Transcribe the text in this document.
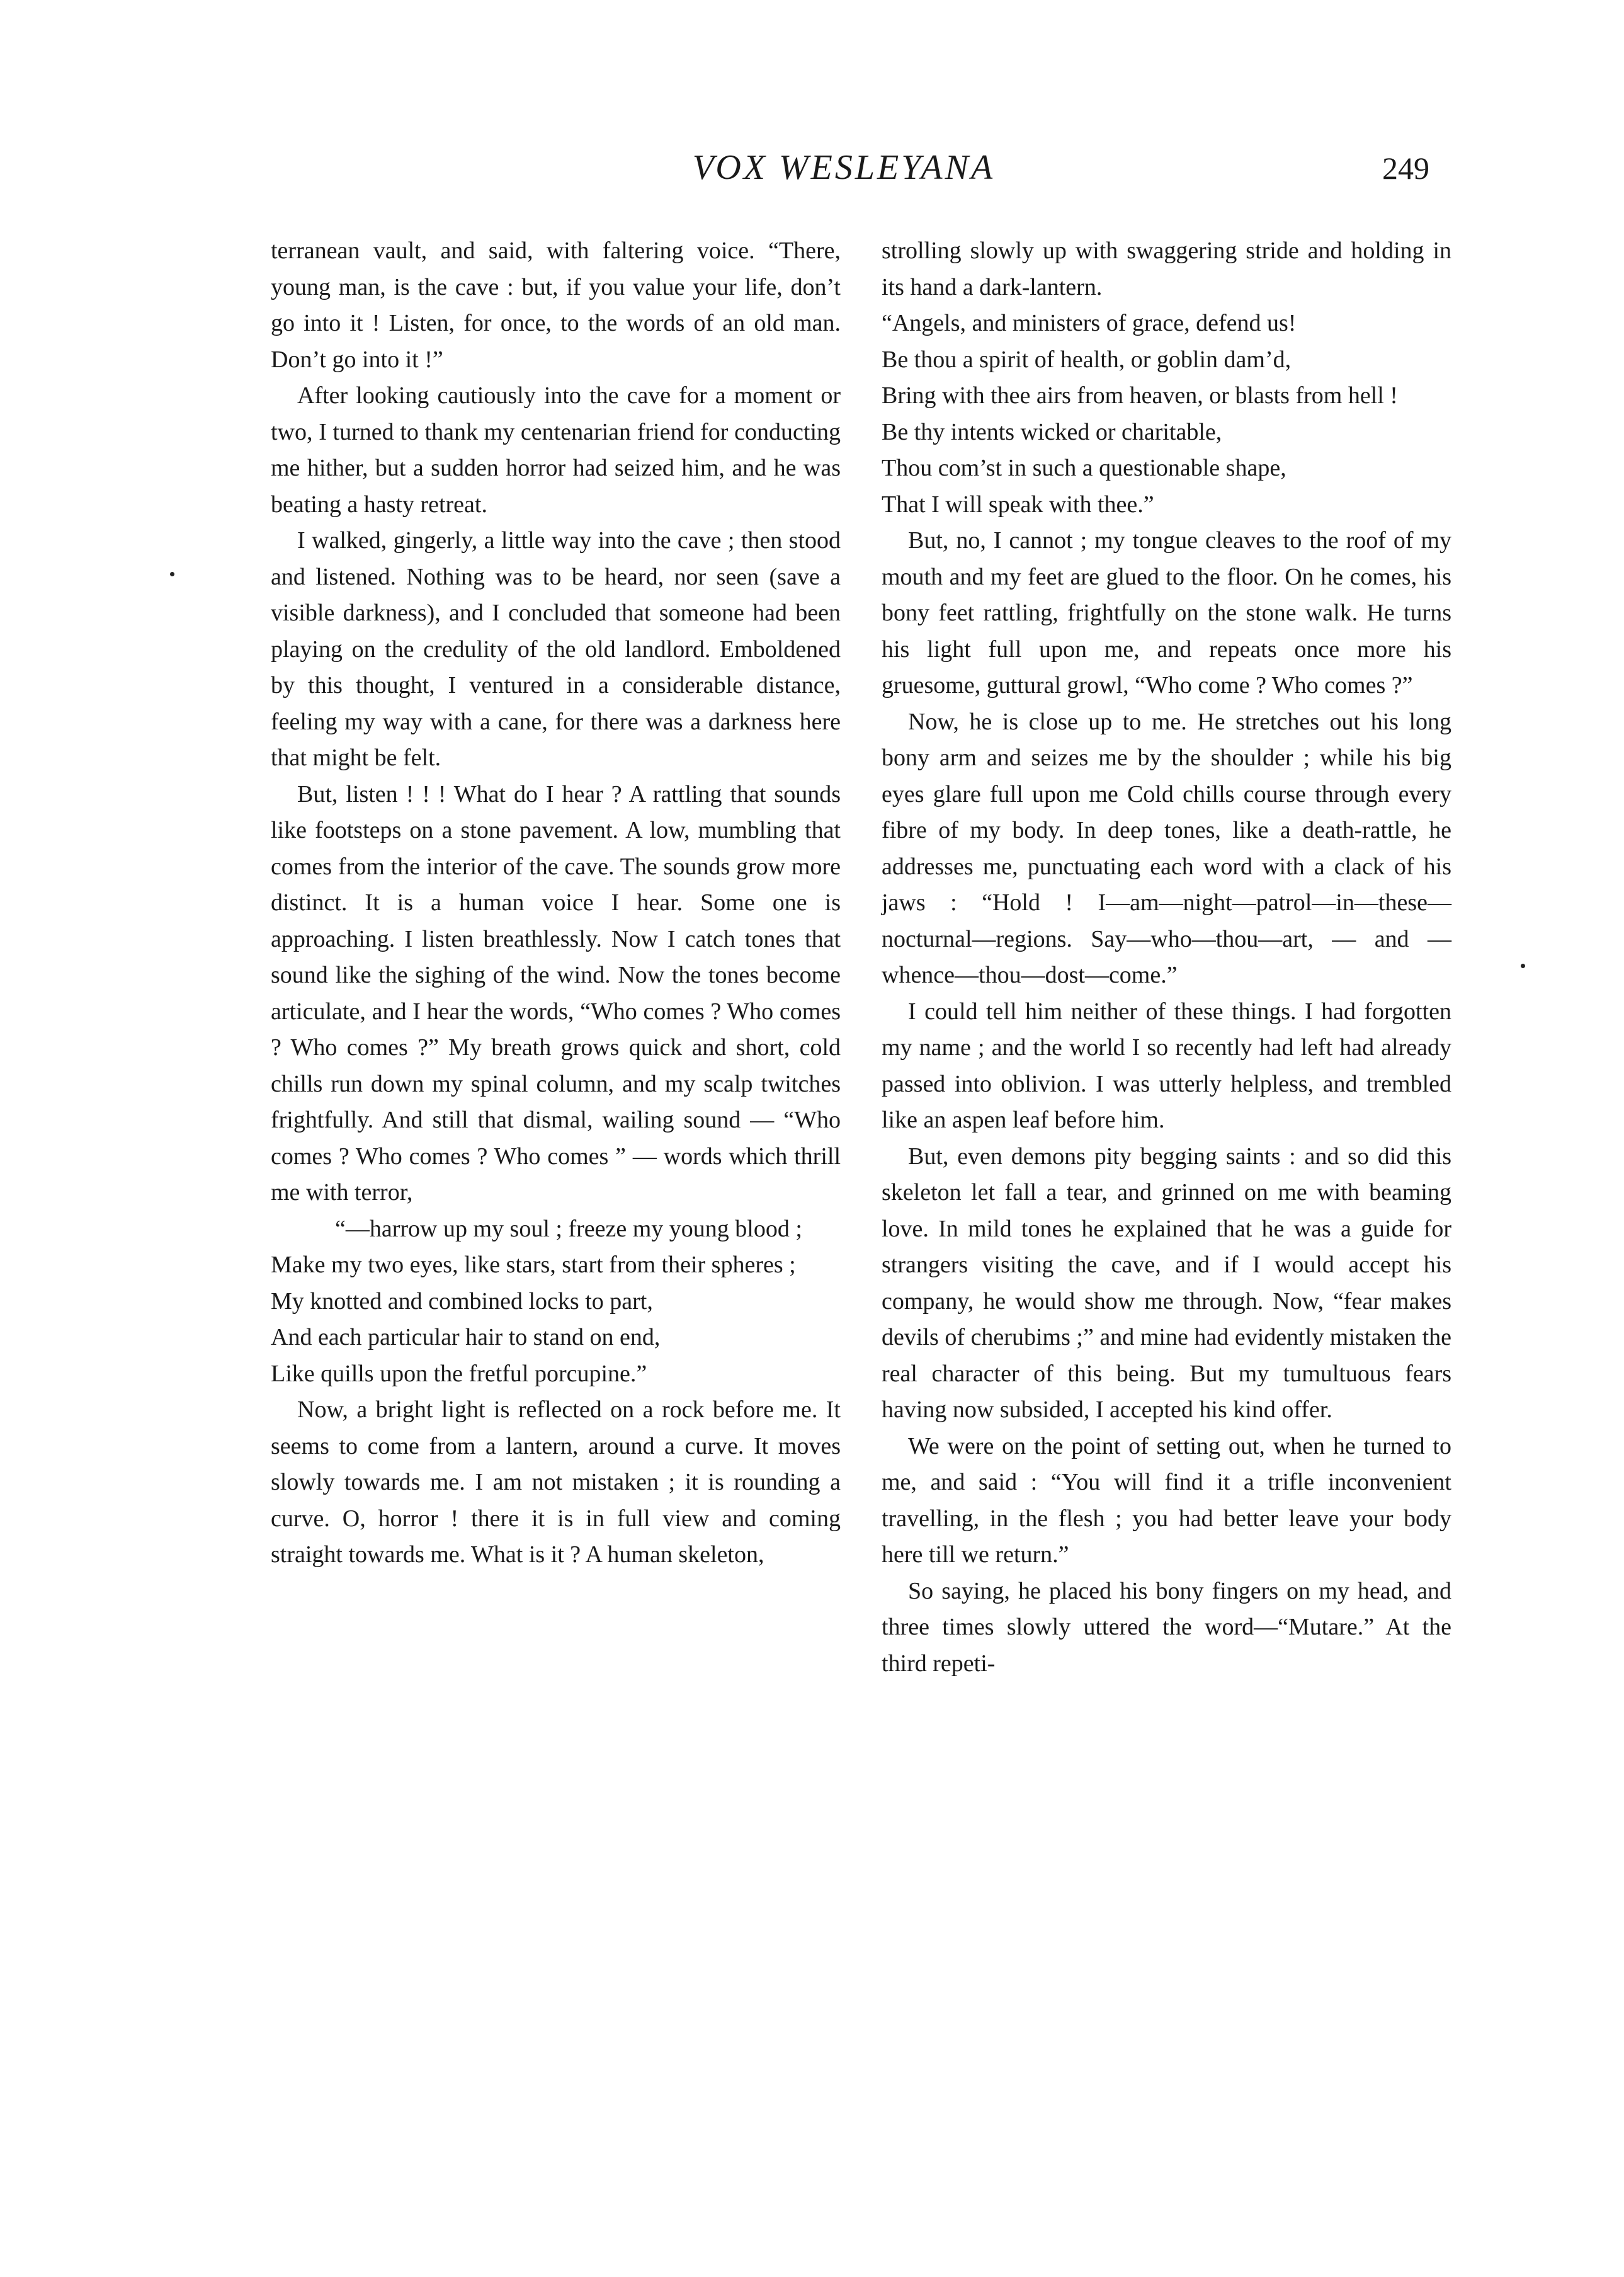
VOX WESLEYANA	249

terranean vault, and said, with faltering voice. “There, young man, is the cave : but, if you value your life, don’t go into it ! Listen, for once, to the words of an old man. Don’t go into it !”

After looking cautiously into the cave for a moment or two, I turned to thank my centenarian friend for conducting me hither, but a sudden horror had seized him, and he was beating a hasty retreat.

I walked, gingerly, a little way into the cave ; then stood and listened. Nothing was to be heard, nor seen (save a visible darkness), and I concluded that someone had been playing on the credulity of the old landlord. Emboldened by this thought, I ventured in a considerable distance, feeling my way with a cane, for there was a darkness here that might be felt.

But, listen ! ! ! What do I hear ? A rattling that sounds like footsteps on a stone pavement. A low, mumbling that comes from the interior of the cave. The sounds grow more distinct. It is a human voice I hear. Some one is approaching. I listen breathlessly. Now I catch tones that sound like the sighing of the wind. Now the tones become articulate, and I hear the words, “Who comes ? Who comes ? Who comes ?” My breath grows quick and short, cold chills run down my spinal column, and my scalp twitches frightfully. And still that dismal, wailing sound — “Who comes ? Who comes ? Who comes ” — words which thrill me with terror,

“—harrow up my soul ; freeze my young blood ;
Make my two eyes, like stars, start from their spheres ;
My knotted and combined locks to part,
And each particular hair to stand on end,
Like quills upon the fretful porcupine.”

Now, a bright light is reflected on a rock before me. It seems to come from a lantern, around a curve. It moves slowly towards me. I am not mistaken ; it is rounding a curve. O, horror ! there it is in full view and coming straight towards me. What is it ? A human skeleton,

strolling slowly up with swaggering stride and holding in its hand a dark-lantern.

“Angels, and ministers of grace, defend us!
Be thou a spirit of health, or goblin dam’d,
Bring with thee airs from heaven, or blasts from hell !
Be thy intents wicked or charitable,
Thou com’st in such a questionable shape,
That I will speak with thee.”

But, no, I cannot ; my tongue cleaves to the roof of my mouth and my feet are glued to the floor. On he comes, his bony feet rattling, frightfully on the stone walk. He turns his light full upon me, and repeats once more his gruesome, guttural growl, “Who come ? Who comes ?”

Now, he is close up to me. He stretches out his long bony arm and seizes me by the shoulder ; while his big eyes glare full upon me Cold chills course through every fibre of my body. In deep tones, like a death-rattle, he addresses me, punctuating each word with a clack of his jaws : “Hold ! I—am—night—patrol—in—these—nocturnal—regions. Say—who—thou—art, — and —whence—thou—dost—come.”

I could tell him neither of these things. I had forgotten my name ; and the world I so recently had left had already passed into oblivion. I was utterly helpless, and trembled like an aspen leaf before him.

But, even demons pity begging saints : and so did this skeleton let fall a tear, and grinned on me with beaming love. In mild tones he explained that he was a guide for strangers visiting the cave, and if I would accept his company, he would show me through. Now, “fear makes devils of cherubims ;” and mine had evidently mistaken the real character of this being. But my tumultuous fears having now subsided, I accepted his kind offer.

We were on the point of setting out, when he turned to me, and said : “You will find it a trifle inconvenient travelling, in the flesh ; you had better leave your body here till we return.”

So saying, he placed his bony fingers on my head, and three times slowly uttered the word—“Mutare.” At the third repeti-
